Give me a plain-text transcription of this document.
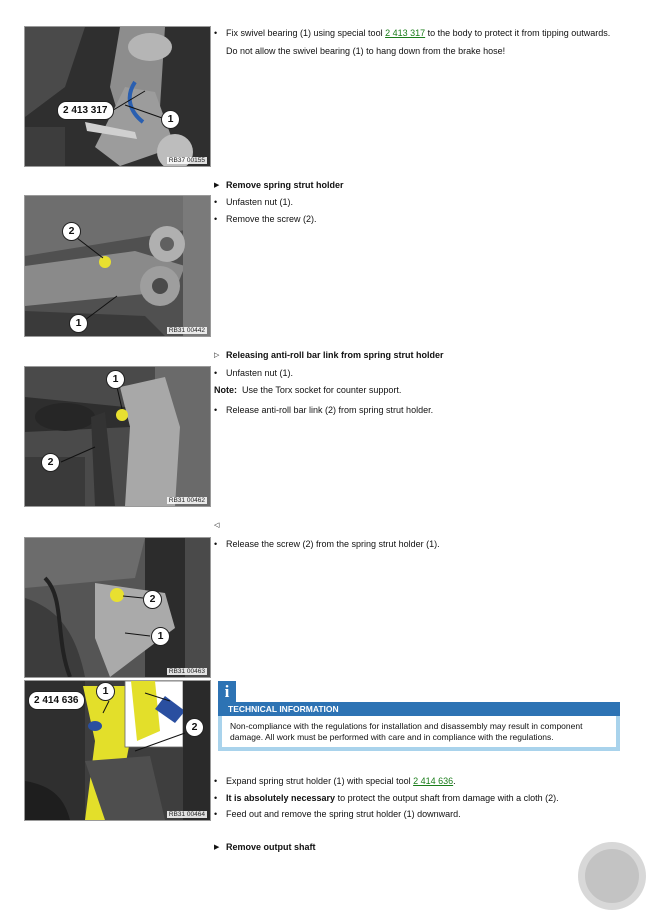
2 413 317
1
RB37 00155
• Fix swivel bearing (1) using special tool 2 413 317 to the body to protect it from tipping outwards.
Do not allow the swivel bearing (1) to hang down from the brake hose!
▶ Remove spring strut holder
2
1
RB31 00442
• Unfasten nut (1).
• Remove the screw (2).
▷ Releasing anti-roll bar link from spring strut holder
1
2
RB31 00462
• Unfasten nut (1).
Note: Use the Torx socket for counter support.
• Release anti-roll bar link (2) from spring strut holder.
◁
2
1
RB31 00463
• Release the screw (2) from the spring strut holder (1).
2 414 636
1
2
RB31 00464
i
TECHNICAL INFORMATION
Non-compliance with the regulations for installation and disassembly may result in component damage. All work must be performed with care and in compliance with the regulations.
• Expand spring strut holder (1) with special tool 2 414 636.
• It is absolutely necessary to protect the output shaft from damage with a cloth (2).
• Feed out and remove the spring strut holder (1) downward.
▶ Remove output shaft
